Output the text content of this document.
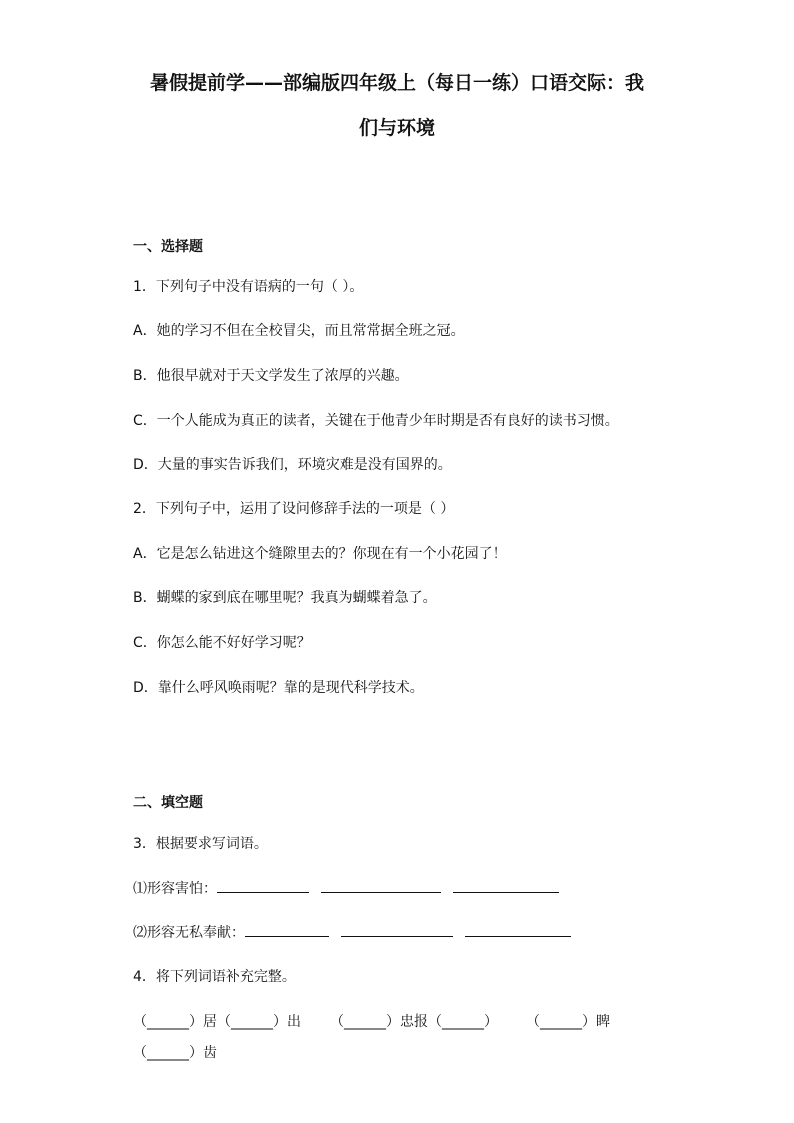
暑假提前学——部编版四年级上（每日一练）口语交际：我
们与环境
一、选择题
1．下列句子中没有语病的一句（ ）。
A．她的学习不但在全校冒尖，而且常常据全班之冠。
B．他很早就对于天文学发生了浓厚的兴趣。
C．一个人能成为真正的读者，关键在于他青少年时期是否有良好的读书习惯。
D．大量的事实告诉我们，环境灾难是没有国界的。
2．下列句子中，运用了设问修辞手法的一项是（ ）
A．它是怎么钻进这个缝隙里去的？你现在有一个小花园了！
B．蝴蝶的家到底在哪里呢？我真为蝴蝶着急了。
C．你怎么能不好好学习呢？
D．靠什么呼风唤雨呢？靠的是现代科学技术。
二、填空题
3．根据要求写词语。
⑴形容害怕：
⑵形容无私奉献：
4．将下列词语补充完整。
（______）居（______）出 （______）忠报（______） （______）睥
（______）齿
